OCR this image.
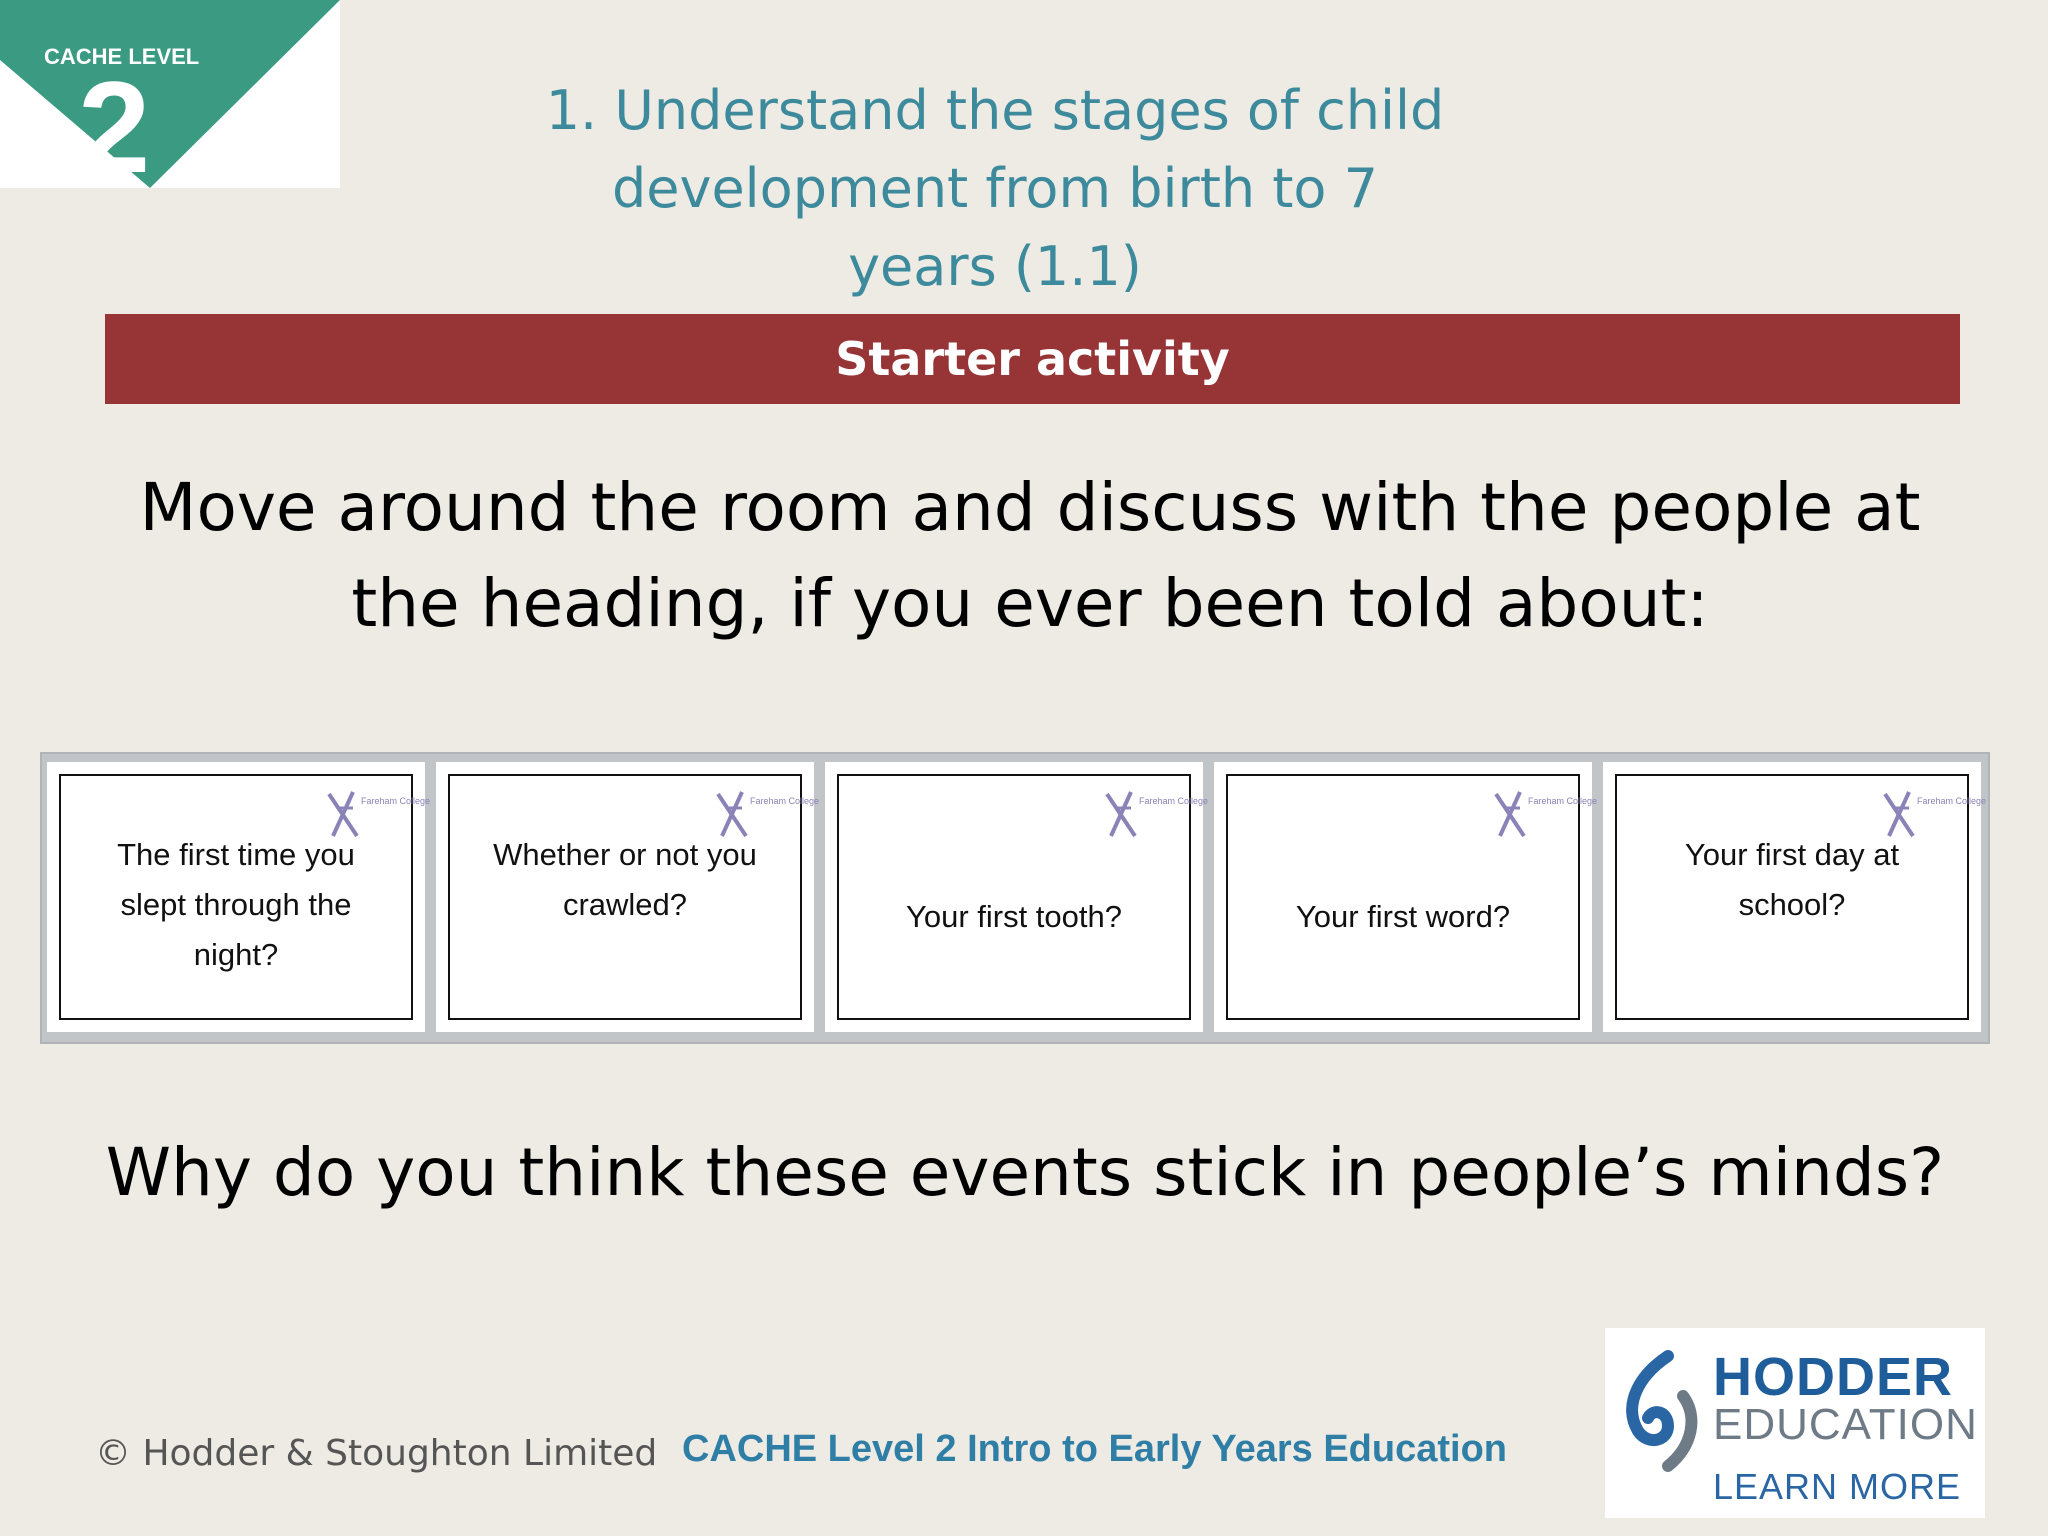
CACHE LEVEL
2	1. Understand the stages of child development from birth to 7
years (1.1)
Starter activity
Move around the room and discuss with the people at
the heading, if you ever been told about:
Fareham College
The first time you
slept through the
night?
Fareham College
Whether or not you
crawled?
Fareham College
Your first tooth?
Fareham College
Your first word?
Fareham College
Your first day at
school?
Why do you think these events stick in people’s minds?
© Hodder & Stoughton Limited CACHE Level 2 Intro to Early Years Education
HODDER
EDUCATION
LEARN MORE
